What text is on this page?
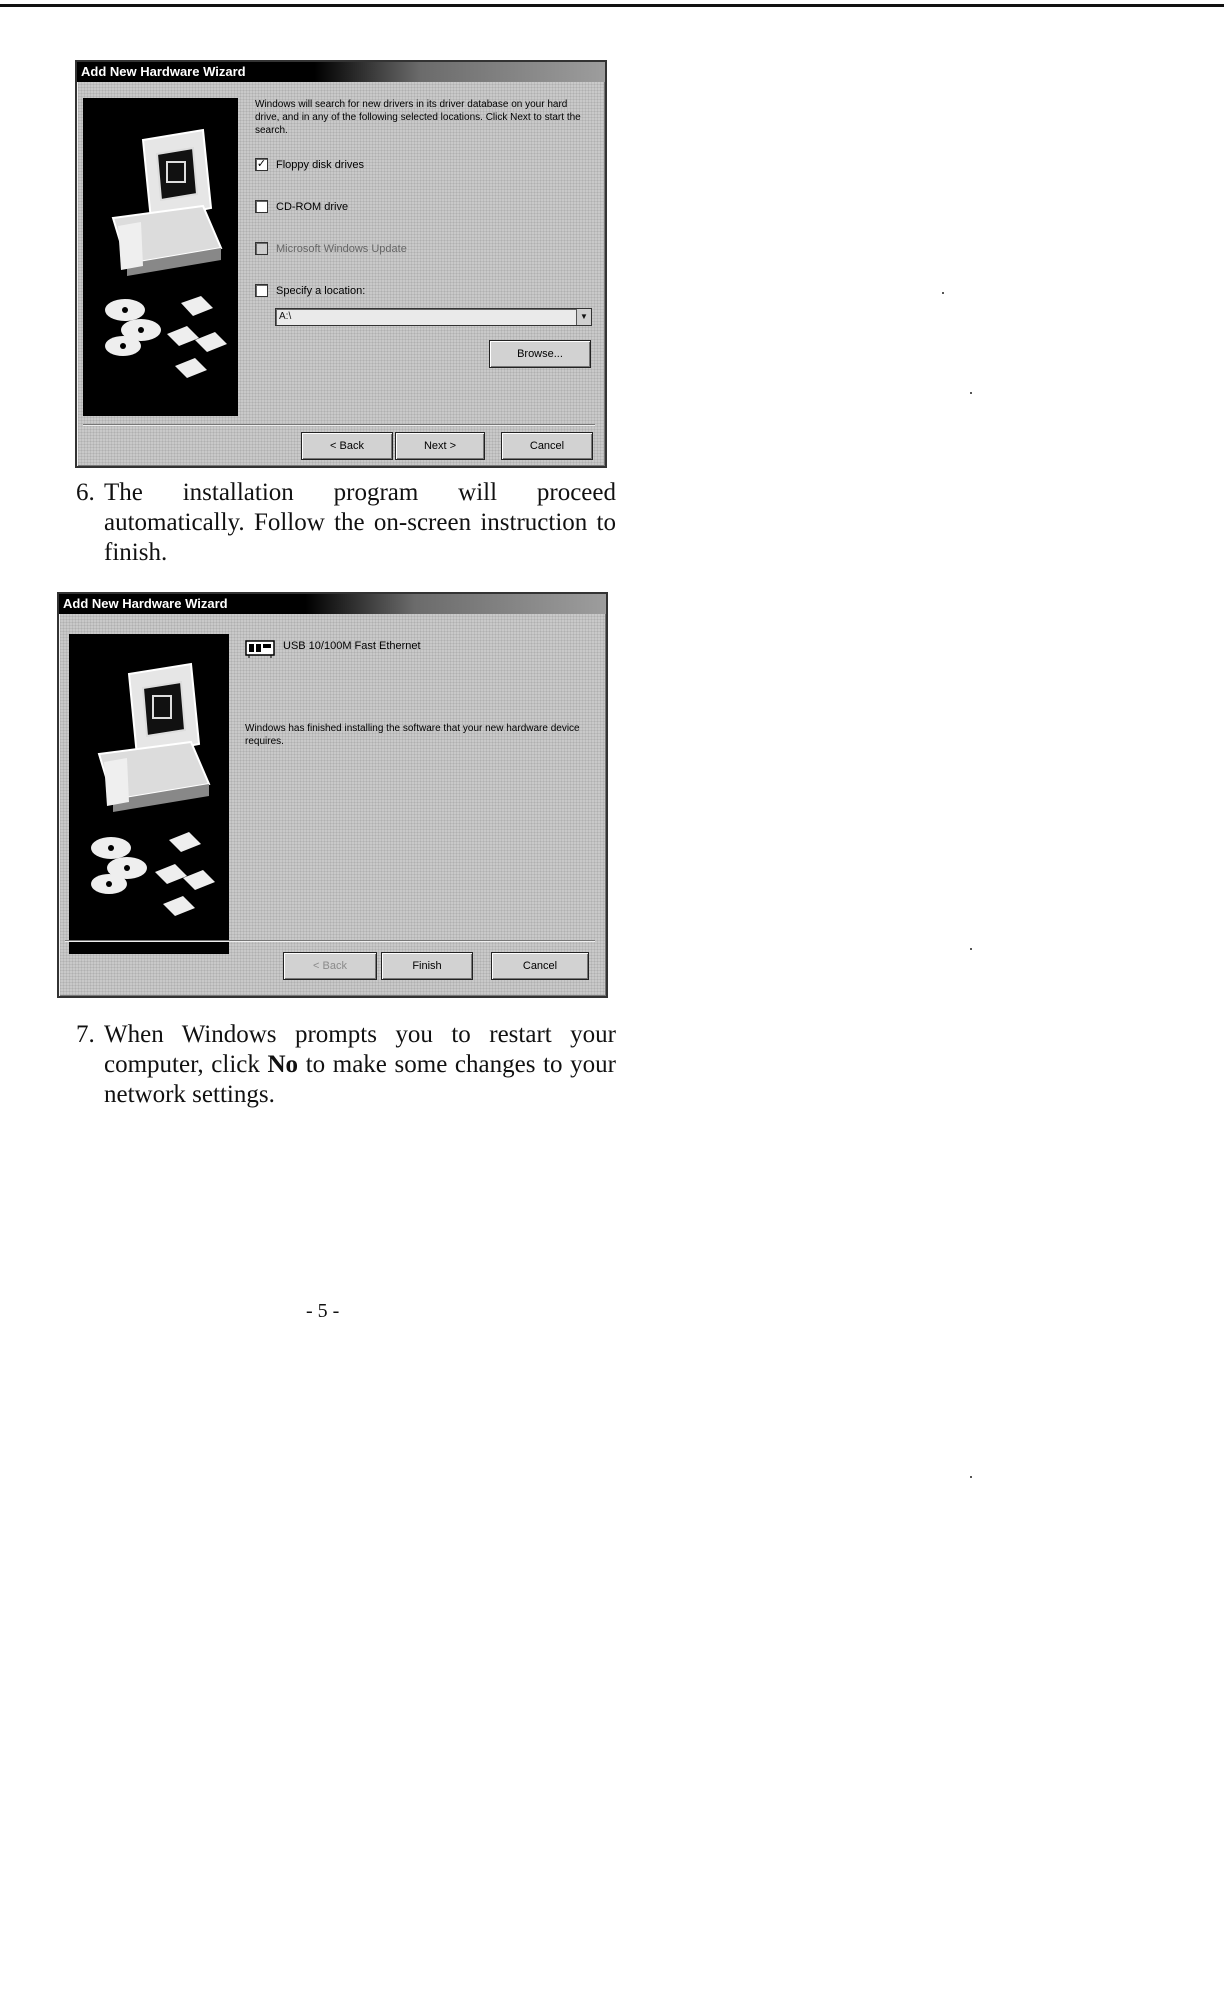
Add New Hardware Wizard
Windows will search for new drivers in its driver database on your hard drive, and in any of the following selected locations. Click Next to start the search.
✓ Floppy disk drives
CD-ROM drive
Microsoft Windows Update
Specify a location:
A:\	▼
Browse...
< Back	Next >	Cancel
6. The installation program will proceed automatically. Follow the on-screen instruction to finish.
Add New Hardware Wizard
USB 10/100M Fast Ethernet
Windows has finished installing the software that your new hardware device requires.
< Back	Finish	Cancel
7. When Windows prompts you to restart your computer, click No to make some changes to your network settings.
- 5 -
